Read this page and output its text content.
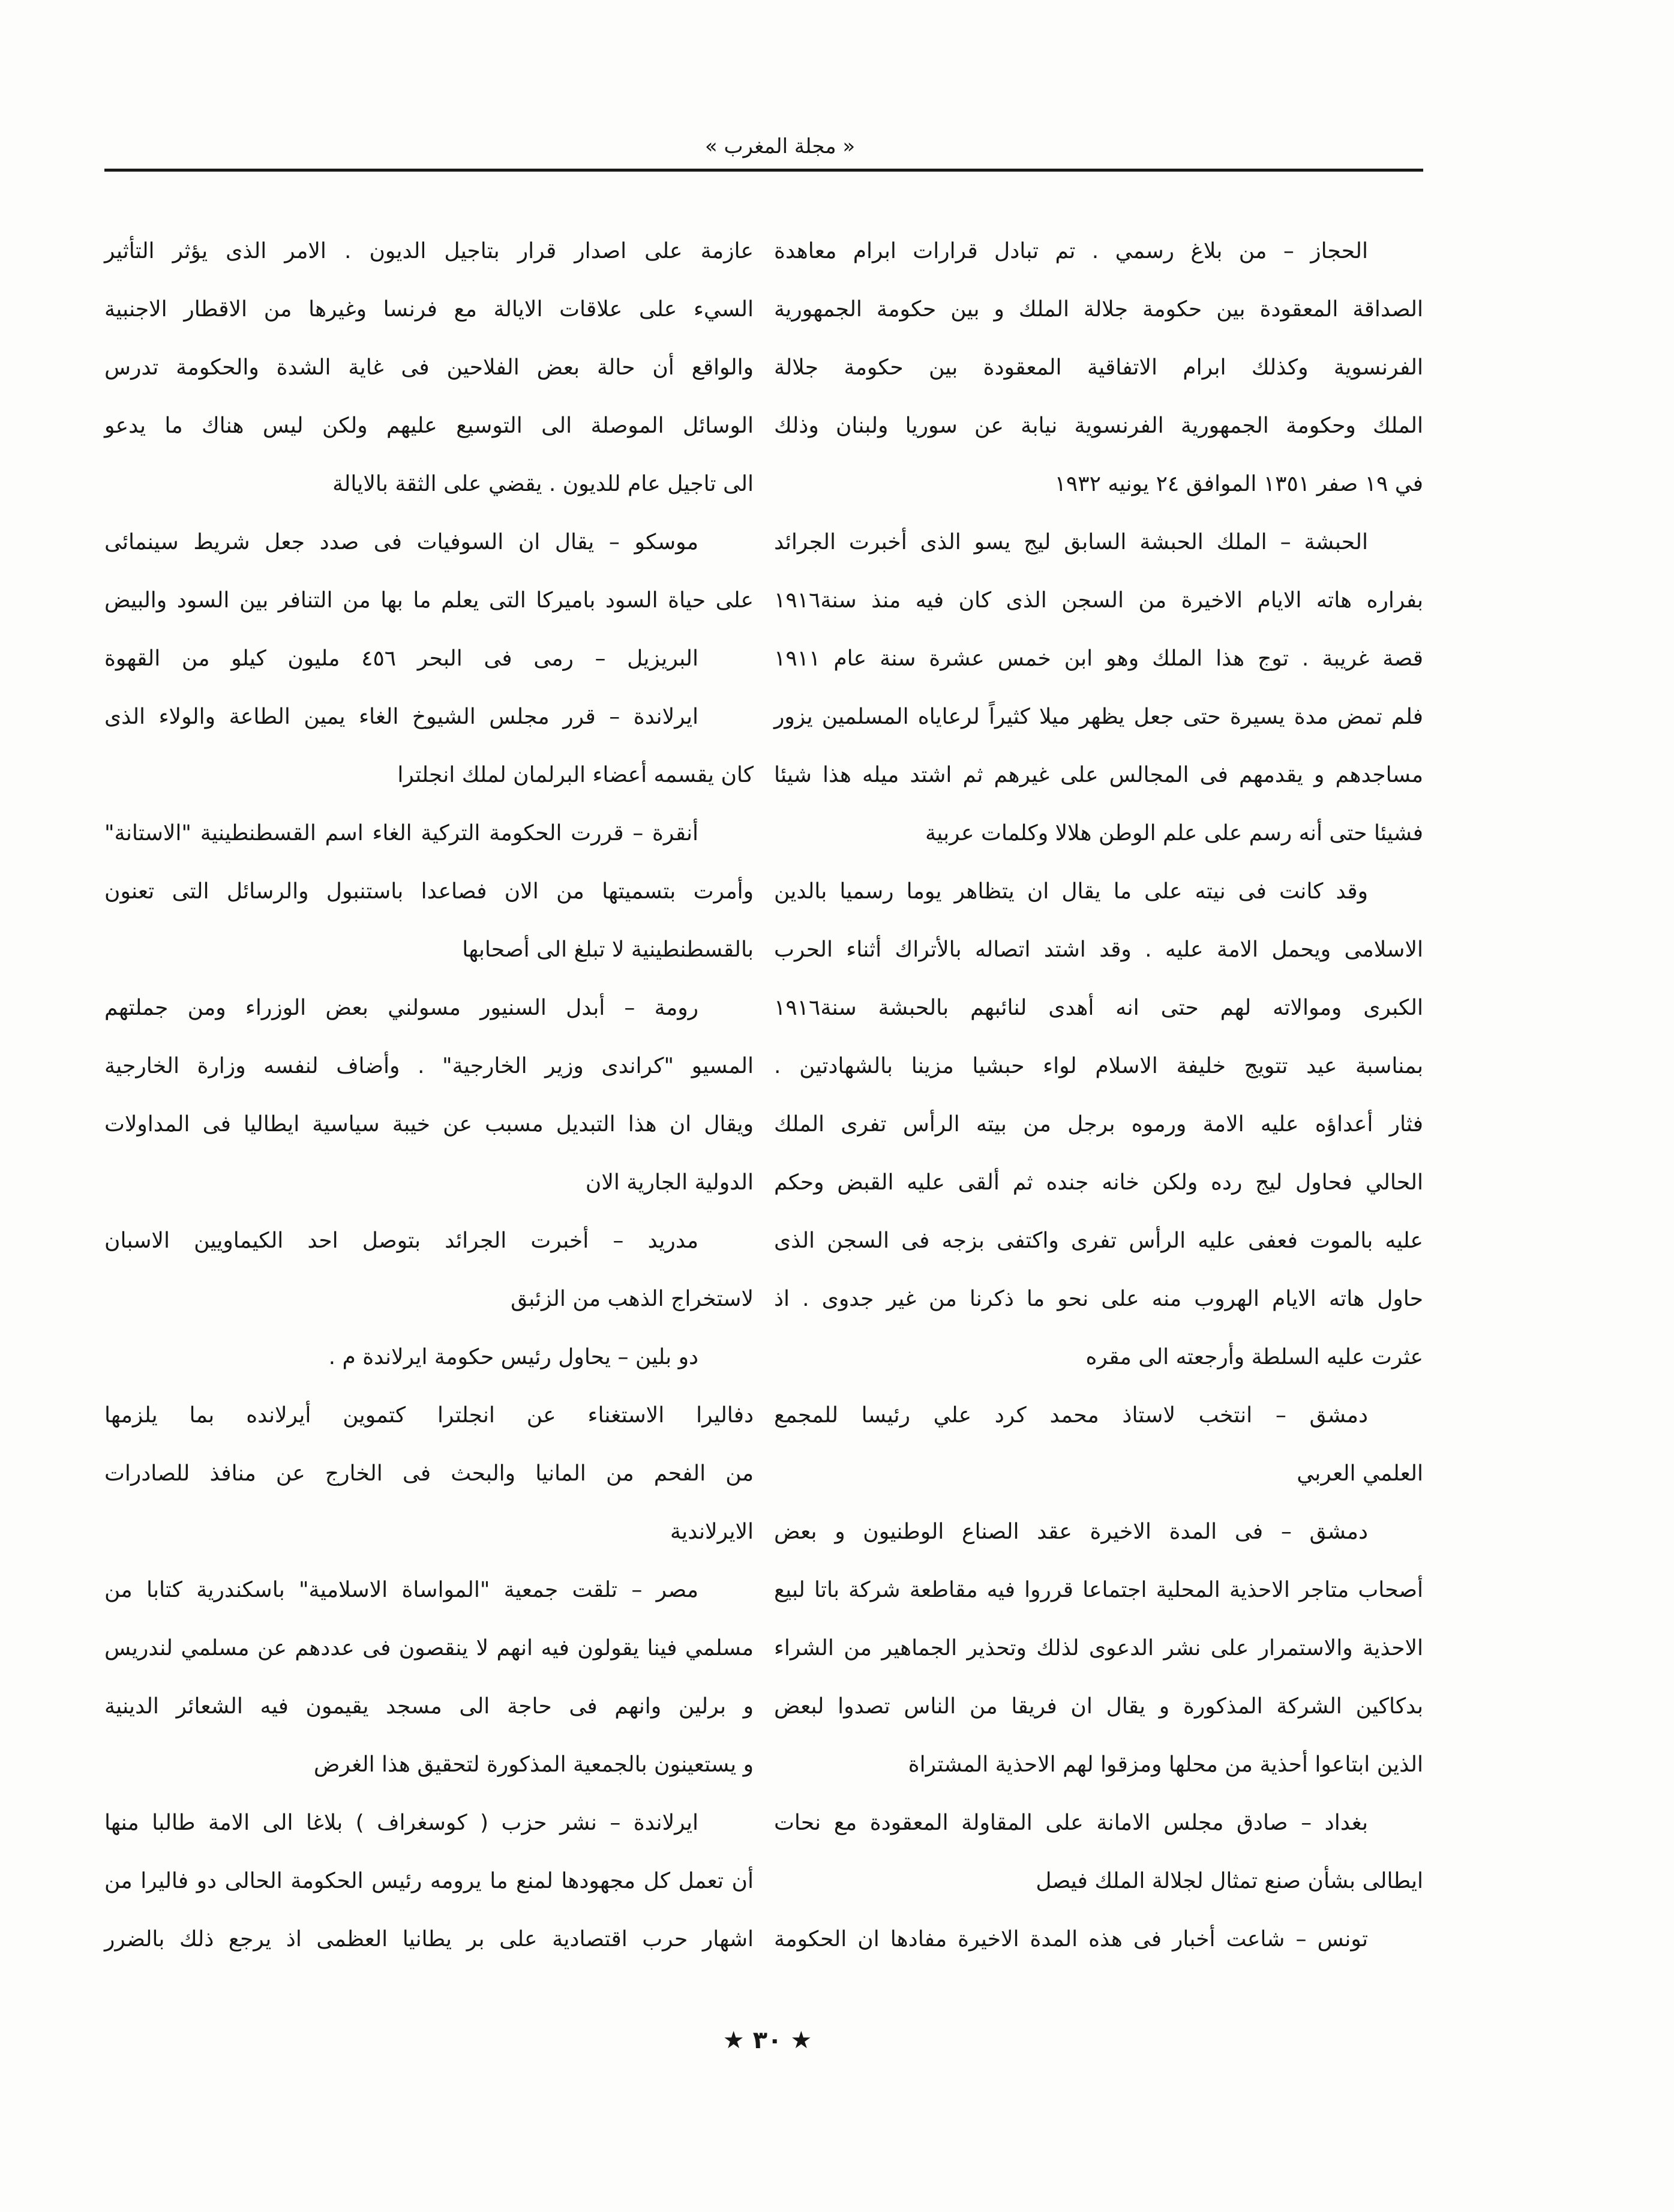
« مجلة المغرب »
الحجاز – من بلاغ رسمي . تم تبادل قرارات ابرام معاهدة
الصداقة المعقودة بين حكومة جلالة الملك و بين حكومة الجمهورية
الفرنسوية وكذلك ابرام الاتفاقية المعقودة بين حكومة جلالة
الملك وحكومة الجمهورية الفرنسوية نيابة عن سوريا ولبنان وذلك
في ١٩ صفر ١٣٥١ الموافق ٢٤ يونيه ١٩٣٢
الحبشة – الملك الحبشة السابق ليج يسو الذى أخبرت الجرائد
بفراره هاته الايام الاخيرة من السجن الذى كان فيه منذ سنة١٩١٦
قصة غريبة . توج هذا الملك وهو ابن خمس عشرة سنة عام ١٩١١
فلم تمض مدة يسيرة حتى جعل يظهر ميلا كثيراً لرعاياه المسلمين يزور
مساجدهم و يقدمهم فى المجالس على غيرهم ثم اشتد ميله هذا شيئا
فشيئا حتى أنه رسم على علم الوطن هلالا وكلمات عربية
وقد كانت فى نيته على ما يقال ان يتظاهر يوما رسميا بالدين
الاسلامى ويحمل الامة عليه . وقد اشتد اتصاله بالأتراك أثناء الحرب
الكبرى وموالاته لهم حتى انه أهدى لنائبهم بالحبشة سنة١٩١٦
بمناسبة عيد تتويج خليفة الاسلام لواء حبشيا مزينا بالشهادتين .
فثار أعداؤه عليه الامة ورموه برجل من بيته الرأس تفرى الملك
الحالي فحاول ليج رده ولكن خانه جنده ثم ألقى عليه القبض وحكم
عليه بالموت فعفى عليه الرأس تفرى واكتفى بزجه فى السجن الذى
حاول هاته الايام الهروب منه على نحو ما ذكرنا من غير جدوى . اذ
عثرت عليه السلطة وأرجعته الى مقره
دمشق – انتخب لاستاذ محمد كرد علي رئيسا للمجمع
العلمي العربي
دمشق – فى المدة الاخيرة عقد الصناع الوطنيون و بعض
أصحاب متاجر الاحذية المحلية اجتماعا قرروا فيه مقاطعة شركة باتا لبيع
الاحذية والاستمرار على نشر الدعوى لذلك وتحذير الجماهير من الشراء
بدكاكين الشركة المذكورة و يقال ان فريقا من الناس تصدوا لبعض
الذين ابتاعوا أحذية من محلها ومزقوا لهم الاحذية المشتراة
بغداد – صادق مجلس الامانة على المقاولة المعقودة مع نحات
ايطالى بشأن صنع تمثال لجلالة الملك فيصل
تونس – شاعت أخبار فى هذه المدة الاخيرة مفادها ان الحكومة
عازمة على اصدار قرار بتاجيل الديون . الامر الذى يؤثر التأثير
السيء على علاقات الايالة مع فرنسا وغيرها من الاقطار الاجنبية
والواقع أن حالة بعض الفلاحين فى غاية الشدة والحكومة تدرس
الوسائل الموصلة الى التوسيع عليهم ولكن ليس هناك ما يدعو
الى تاجيل عام للديون . يقضي على الثقة بالايالة
موسكو – يقال ان السوفيات فى صدد جعل شريط سينمائى
على حياة السود باميركا التى يعلم ما بها من التنافر بين السود والبيض
البريزيل – رمى فى البحر ٤٥٦ مليون كيلو من القهوة
ايرلاندة – قرر مجلس الشيوخ الغاء يمين الطاعة والولاء الذى
كان يقسمه أعضاء البرلمان لملك انجلترا
أنقرة – قررت الحكومة التركية الغاء اسم القسطنطينية "الاستانة"
وأمرت بتسميتها من الان فصاعدا باستنبول والرسائل التى تعنون
بالقسطنطينية لا تبلغ الى أصحابها
رومة – أبدل السنيور مسولني بعض الوزراء ومن جملتهم
المسيو "كراندى وزير الخارجية" . وأضاف لنفسه وزارة الخارجية
ويقال ان هذا التبديل مسبب عن خيبة سياسية ايطاليا فى المداولات
الدولية الجارية الان
مدريد – أخبرت الجرائد بتوصل احد الكيماويين الاسبان
لاستخراج الذهب من الزئبق
دو بلين – يحاول رئيس حكومة ايرلاندة م .
دفاليرا الاستغناء عن انجلترا كتموين أيرلانده بما يلزمها
من الفحم من المانيا والبحث فى الخارج عن منافذ للصادرات
الايرلاندية
مصر – تلقت جمعية "المواساة الاسلامية" باسكندرية كتابا من
مسلمي فينا يقولون فيه انهم لا ينقصون فى عددهم عن مسلمي لندريس
و برلين وانهم فى حاجة الى مسجد يقيمون فيه الشعائر الدينية
و يستعينون بالجمعية المذكورة لتحقيق هذا الغرض
ايرلاندة – نشر حزب ( كوسغراف ) بلاغا الى الامة طالبا منها
أن تعمل كل مجهودها لمنع ما يرومه رئيس الحكومة الحالى دو فاليرا من
اشهار حرب اقتصادية على بر يطانيا العظمى اذ يرجع ذلك بالضرر
★ ٣٠ ★
